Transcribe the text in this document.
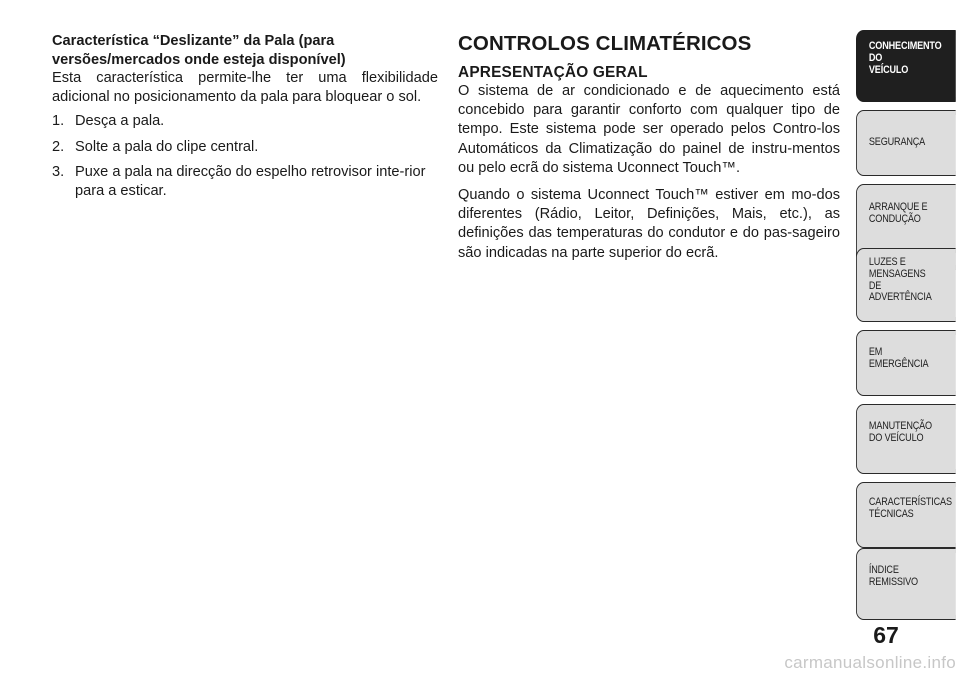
Característica “Deslizante” da Pala (para
versões/mercados onde esteja disponível)

Esta característica permite-lhe ter uma flexibilidade adicional no posicionamento da pala para bloquear o sol.

1. Desça a pala.
2. Solte a pala do clipe central.
3. Puxe a pala na direcção do espelho retrovisor inte-rior para a esticar.
CONTROLOS CLIMATÉRICOS
APRESENTAÇÃO GERAL

O sistema de ar condicionado e de aquecimento está concebido para garantir conforto com qualquer tipo de tempo. Este sistema pode ser operado pelos Contro-los Automáticos da Climatização do painel de instru-mentos ou pelo ecrã do sistema Uconnect Touch™.

Quando o sistema Uconnect Touch™ estiver em mo-dos diferentes (Rádio, Leitor, Definições, Mais, etc.), as definições das temperaturas do condutor e do pas-sageiro são indicadas na parte superior do ecrã.

CONHECIMENTO
DO
VEÍCULO
SEGURANÇA
ARRANQUE E
CONDUÇÃO
LUZES E
MENSAGENS
DE
ADVERTÊNCIA
EM
EMERGÊNCIA
MANUTENÇÃO
DO VEÍCULO
CARACTERÍSTICAS
TÉCNICAS
ÍNDICE
REMISSIVO
67
carmanualsonline.info
